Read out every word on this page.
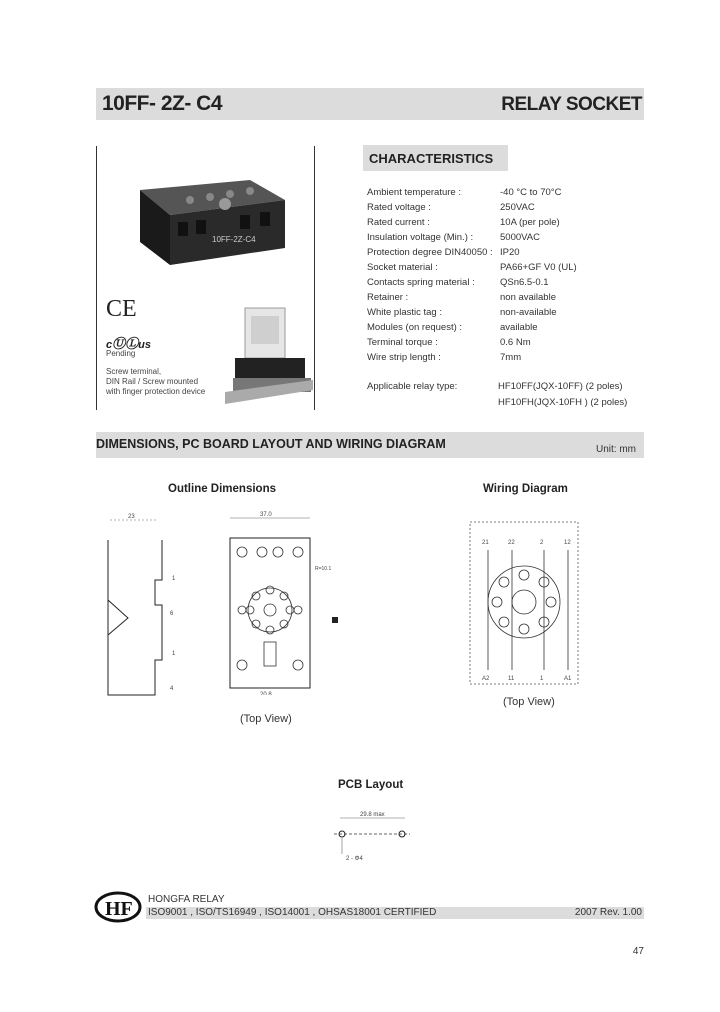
10FF- 2Z- C4	RELAY SOCKET
10FF-2Z-C4
CE
cⓊⓁus
Pending
Screw terminal,
DIN Rail / Screw mounted
with finger protection device
CHARACTERISTICS
Ambient temperature :	-40 °C to 70°C
Rated voltage :	250VAC
Rated current :	10A (per pole)
Insulation voltage (Min.) :	5000VAC
Protection degree DIN40050 : IP20
Socket material :	PA66+GF V0 (UL)
Contacts spring material :	QSn6.5-0.1
Retainer :	non available
White plastic tag :	non-available
Modules (on request) :	available
Terminal torque :	0.6 Nm
Wire strip length :	7mm
Applicable relay type:	HF10FF(JQX-10FF) (2 poles)
HF10FH(JQX-10FH ) (2 poles)
DIMENSIONS, PC BOARD LAYOUT AND WIRING DIAGRAM	Unit: mm
Outline Dimensions	Wiring Diagram
23
1
6
1
4
37.0
20.8
R=10.1
(Top View)
21	22	2	12
A2	11	1	A1
(Top View)
PCB Layout
29.8 max
2 - Φ4
HF HONGFA RELAY
ISO9001 , ISO/TS16949 , ISO14001 , OHSAS18001 CERTIFIED	2007 Rev. 1.00
47
